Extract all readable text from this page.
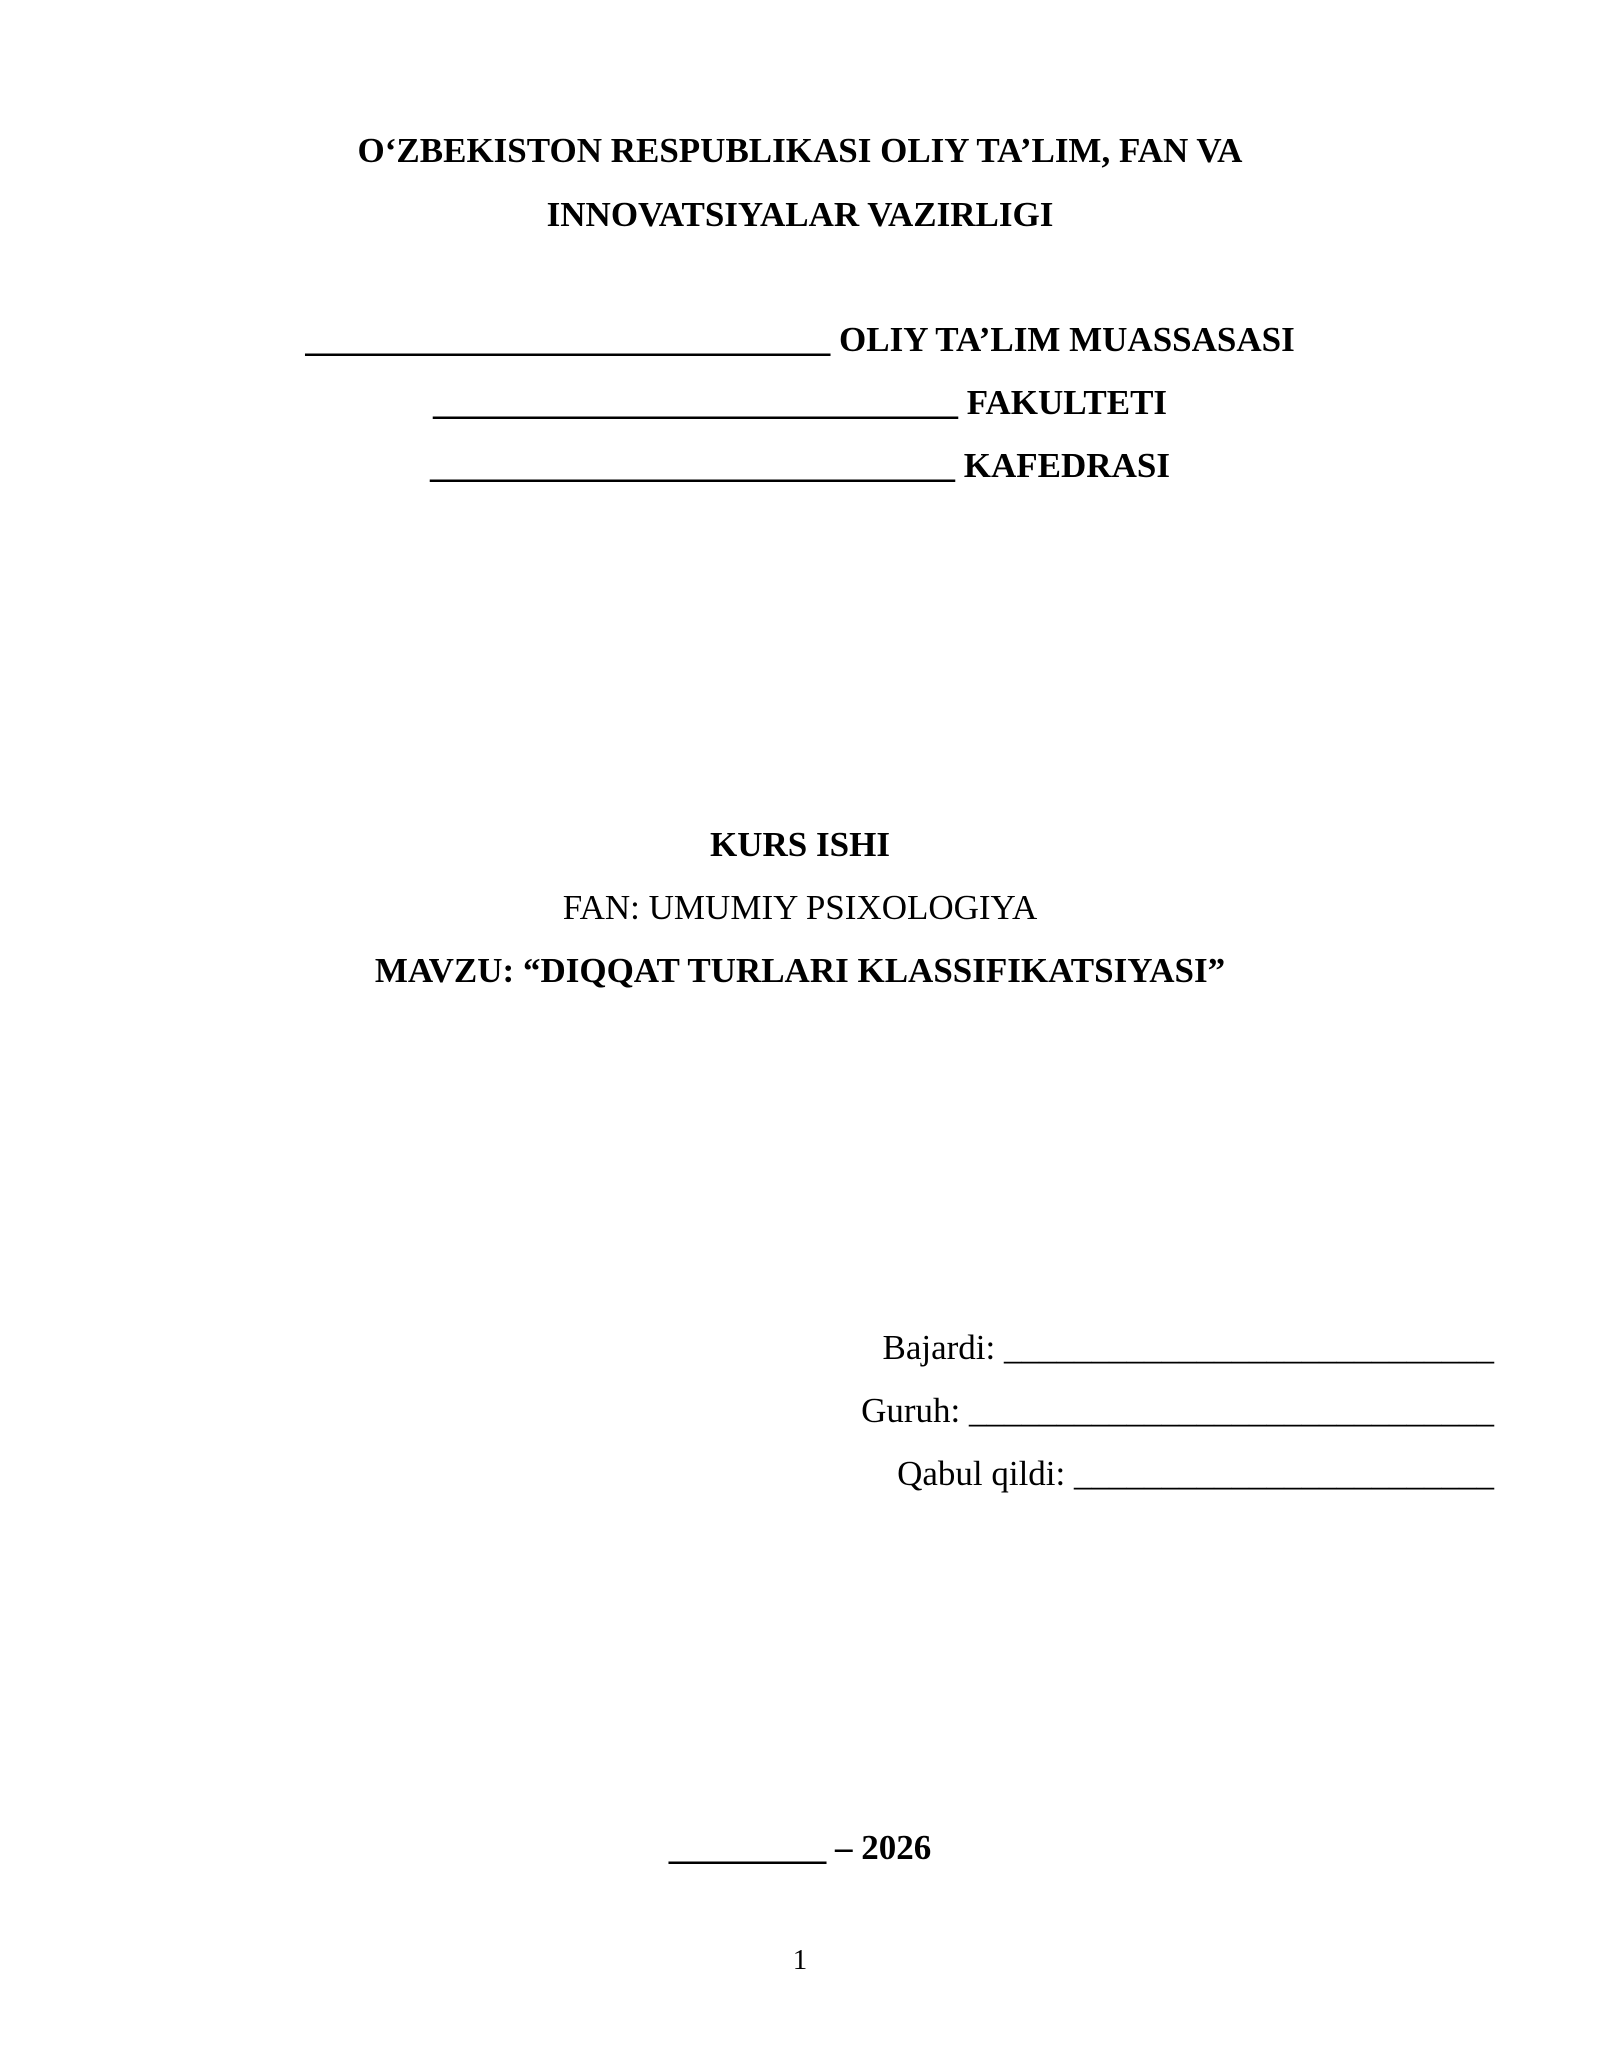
O‘ZBEKISTON RESPUBLIKASI OLIY TA’LIM, FAN VA
INNOVATSIYALAR VAZIRLIGI
______________________________ OLIY TA’LIM MUASSASASI
______________________________ FAKULTETI
______________________________ KAFEDRASI
KURS ISHI
FAN: UMUMIY PSIXOLOGIYA
MAVZU: “DIQQAT TURLARI KLASSIFIKATSIYASI”
Bajardi: ____________________________
Guruh: ______________________________
Qabul qildi: ________________________
_________ – 2026
1
